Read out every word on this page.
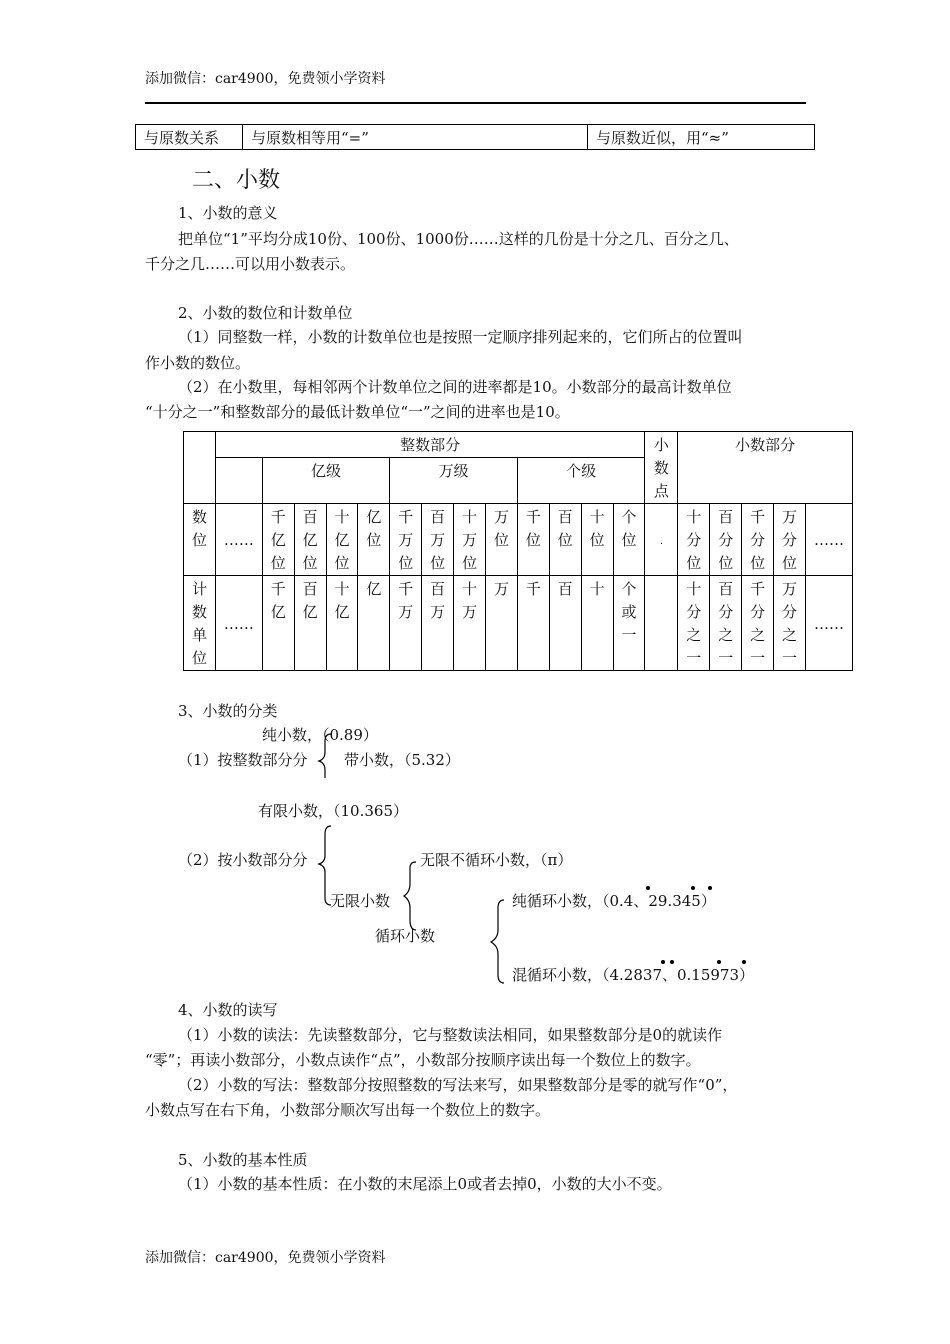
添加微信：car4900，免费领小学资料
与原数关系	与原数相等用“=”	与原数近似，用“≈”
二、小数
1、小数的意义
把单位“1”平均分成10份、100份、1000份……这样的几份是十分之几、百分之几、
千分之几……可以用小数表示。
2、小数的数位和计数单位
（1）同整数一样，小数的计数单位也是按照一定顺序排列起来的，它们所占的位置叫
作小数的数位。
（2）在小数里，每相邻两个计数单位之间的进率都是10。小数部分的最高计数单位
“十分之一”和整数部分的最低计数单位“一”之间的进率也是10。
	整数部分													小数点	小数部分				
		亿级				万级				个级									
数位	……	千亿位	百亿位	十亿位	亿位	千万位	百万位	十万位	万位	千位	百位	十位	个位	.	十分位	百分位	千分位	万分位	……
计数单位	……	千亿	百亿	十亿	亿	千万	百万	十万	万	千	百	十	个或一		十分之一	百分之一	千分之一	万分之一	……
3、小数的分类
纯小数，（0.89）
（1）按整数部分分 带小数，（5.32）
有限小数，（10.365）
（2）按小数部分分	无限不循环小数，（π）
无限小数	纯循环小数，（0.4、29.345）
循环小数
混循环小数，（4.2837、0.15973）
4、小数的读写
（1）小数的读法：先读整数部分，它与整数读法相同，如果整数部分是0的就读作
“零”；再读小数部分，小数点读作“点”，小数部分按顺序读出每一个数位上的数字。
（2）小数的写法：整数部分按照整数的写法来写，如果整数部分是零的就写作“0”，
小数点写在右下角，小数部分顺次写出每一个数位上的数字。
5、小数的基本性质
（1）小数的基本性质：在小数的末尾添上0或者去掉0，小数的大小不变。
添加微信：car4900，免费领小学资料
